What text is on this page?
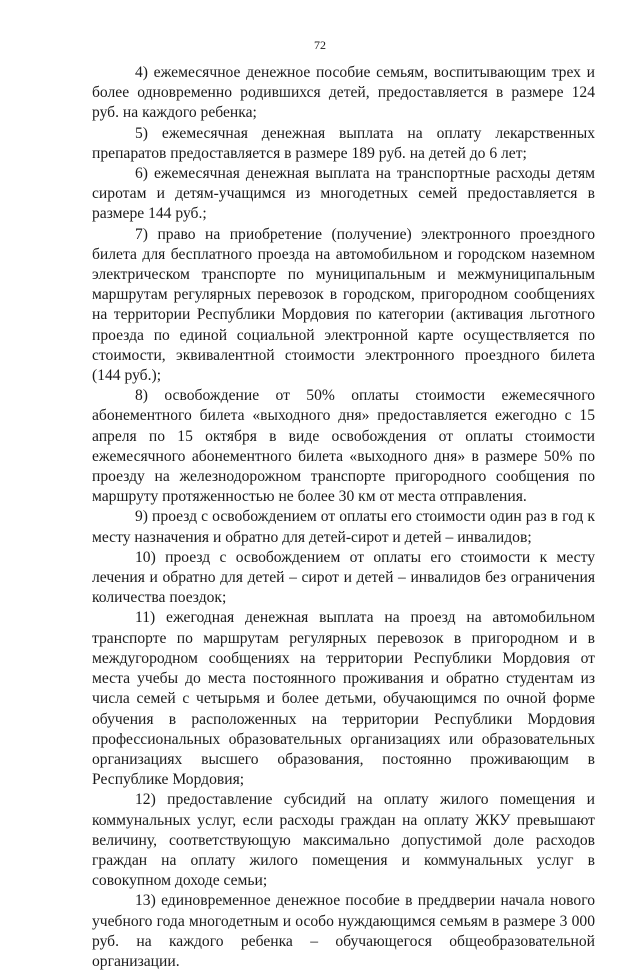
72

4) ежемесячное денежное пособие семьям, воспитывающим трех и более одновременно родившихся детей, предоставляется в размере 124 руб. на каждого ребенка;

5) ежемесячная денежная выплата на оплату лекарственных препаратов предоставляется в размере 189 руб. на детей до 6 лет;

6) ежемесячная денежная выплата на транспортные расходы детям сиротам и детям-учащимся из многодетных семей предоставляется в размере 144 руб.;

7) право на приобретение (получение) электронного проездного билета для бесплатного проезда на автомобильном и городском наземном электрическом транспорте по муниципальным и межмуниципальным маршрутам регулярных перевозок в городском, пригородном сообщениях на территории Республики Мордовия по категории (активация льготного проезда по единой социальной электронной карте осуществляется по стоимости, эквивалентной стоимости электронного проездного билета (144 руб.);

8) освобождение от 50% оплаты стоимости ежемесячного абонементного билета «выходного дня» предоставляется ежегодно с 15 апреля по 15 октября в виде освобождения от оплаты стоимости ежемесячного абонементного билета «выходного дня» в размере 50% по проезду на железнодорожном транспорте пригородного сообщения по маршруту протяженностью не более 30 км от места отправления.

9) проезд с освобождением от оплаты его стоимости один раз в год к месту назначения и обратно для детей-сирот и детей – инвалидов;

10) проезд с освобождением от оплаты его стоимости к месту лечения и обратно для детей – сирот и детей – инвалидов без ограничения количества поездок;

11) ежегодная денежная выплата на проезд на автомобильном транспорте по маршрутам регулярных перевозок в пригородном и в междугородном сообщениях на территории Республики Мордовия от места учебы до места постоянного проживания и обратно студентам из числа семей с четырьмя и более детьми, обучающимся по очной форме обучения в расположенных на территории Республики Мордовия профессиональных образовательных организациях или образовательных организациях высшего образования, постоянно проживающим в Республике Мордовия;

12) предоставление субсидий на оплату жилого помещения и коммунальных услуг, если расходы граждан на оплату ЖКУ превышают величину, соответствующую максимально допустимой доле расходов граждан на оплату жилого помещения и коммунальных услуг в совокупном доходе семьи;

13) единовременное денежное пособие в преддверии начала нового учебного года многодетным и особо нуждающимся семьям в размере 3 000 руб. на каждого ребенка – обучающегося общеобразовательной организации.
